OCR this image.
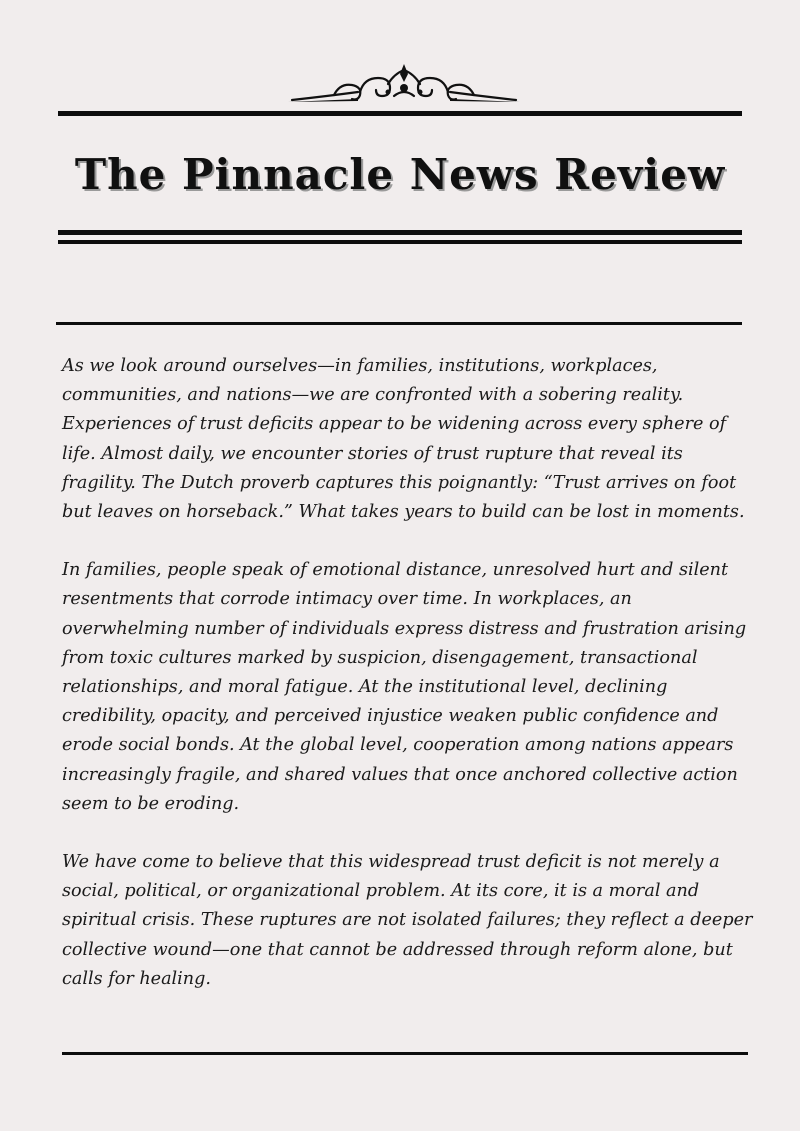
The Pinnacle News Review

As we look around ourselves—in families, institutions, workplaces, communities, and nations—we are confronted with a sobering reality. Experiences of trust deficits appear to be widening across every sphere of life. Almost daily, we encounter stories of trust rupture that reveal its fragility. The Dutch proverb captures this poignantly: “Trust arrives on foot but leaves on horseback.” What takes years to build can be lost in moments.

In families, people speak of emotional distance, unresolved hurt and silent resentments that corrode intimacy over time. In workplaces, an overwhelming number of individuals express distress and frustration arising from toxic cultures marked by suspicion, disengagement, transactional relationships, and moral fatigue. At the institutional level, declining credibility, opacity, and perceived injustice weaken public confidence and erode social bonds. At the global level, cooperation among nations appears increasingly fragile, and shared values that once anchored collective action seem to be eroding.

We have come to believe that this widespread trust deficit is not merely a social, political, or organizational problem. At its core, it is a moral and spiritual crisis. These ruptures are not isolated failures; they reflect a deeper collective wound—one that cannot be addressed through reform alone, but calls for healing.
